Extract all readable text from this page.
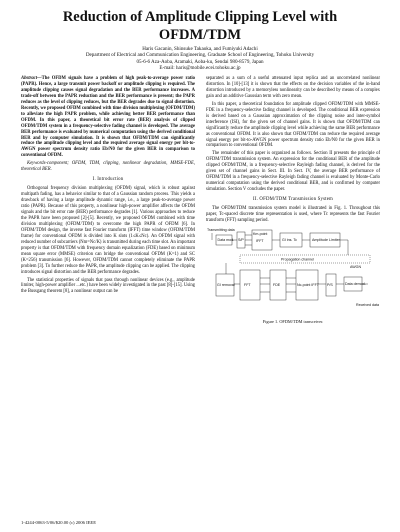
Reduction of Amplitude Clipping Level with OFDM/TDM
Haris Gacanin, Shinsuke Takaoka, and Fumiyuki Adachi
Department of Electrical and Communication Engineering, Graduate School of Engineering, Tohoku University
05-6-6 Aza-Aoba, Aramaki, Aoba-ku, Sendai 980-8579, Japan
E-mail: haris@mobile.ecei.tohoku.ac.jp

Abstract—The OFDM signals have a problem of high peak-to-average power ratio (PAPR). Hence, a large transmit power backoff or amplitude clipping is required. The amplitude clipping causes signal degradation and the BER performance increases. A trade-off between the PAPR reduction and the BER performance is present; the PAPR reduces as the level of clipping reduces, but the BER degrades due to signal distortion. Recently, we proposed OFDM combined with time division multiplexing (OFDM/TDM) to alleviate the high PAPR problem, while achieving better BER performance than OFDM. In this paper, a theoretical bit error rate (BER) analysis of clipped OFDM/TDM system in a frequency-selective fading channel is developed. The average BER performance is evaluated by numerical computation using the derived conditional BER and by computer simulation. It is shown that OFDM/TDM can significantly reduce the amplitude clipping level and the required average signal energy per bit-to-AWGN power spectrum density ratio Eb/N0 for the given BER in comparison to conventional OFDM.

Keywords-component; OFDM, TDM, clipping, nonlinear degradation, MMSE-FDE, theoretical BER.

I. Introduction

Orthogonal frequency division multiplexing (OFDM) signal, which is robust against multipath fading, has a behavior similar to that of a Gaussian random process. This yields a drawback of having a large amplitude dynamic range, i.e., a large peak-to-average power ratio (PAPR). Because of this property, a nonlinear high-power amplifier affects the OFDM signals and the bit error rate (BER) performance degrades [1]. Various approaches to reduce the PAPR have been proposed [2]-[5]. Recently, we proposed OFDM combined with time division multiplexing (OFDM/TDM) to overcome the high PAPR of OFDM [6]. In OFDM/TDM design, the inverse fast Fourier transform (IFFT) time window (OFDM/TDM frame) for conventional OFDM is divided into K slots (1≤K≤Nc). An OFDM signal with reduced number of subcarriers (Nm=Nc/K) is transmitted during each time slot. An important property is that OFDM/TDM with frequency domain equalization (FDE) based on minimum mean square error (MMSE) criterion can bridge the conventional OFDM (K=1) and SC (K=256) transmission [6]. However, OFDM/TDM cannot completely eliminate the PAPR problem [3]. To further reduce the PAPR, the amplitude clipping can be applied. The clipping introduces signal distortion and the BER performance degrades.

The statistical properties of signals that pass through nonlinear devices (e.g., amplitude limiter, high-power amplifier ...etc.) have been widely investigated in the past [8]-[15]. Using the Bussgang theorem [8], a nonlinear output can be

separated as a sum of a useful attenuated input replica and an uncorrelated nonlinear distortion. In [10]-[13] it is shown that the effects on the decision variables of the in-band distortion introduced by a memoryless nonlinearity can be described by means of a complex gain and an additive Gaussian term with zero mean.

In this paper, a theoretical foundation for amplitude clipped OFDM/TDM with MMSE-FDE in a frequency-selective fading channel is developed. The conditional BER expression is derived based on a Gaussian approximation of the clipping noise and inter-symbol interference (ISI), for the given set of channel gains. It is shown that OFDM/TDM can significantly reduce the amplitude clipping level while achieving the same BER performance as conventional OFDM. It is also shown that OFDM/TDM can reduce the required average signal energy per bit-to-AWGN power spectrum density ratio Eb/N0 for the given BER in comparison to conventional OFDM.

The remainder of this paper is organized as follows. Section II presents the principle of OFDM/TDM transmission system. An expression for the conditional BER of the amplitude clipped OFDM/TDM, in a frequency-selective Rayleigh fading channel, is derived for the given set of channel gains in Sect. III. In Sect. IV, the average BER performance of OFDM/TDM in a frequency-selective Rayleigh fading channel is evaluated by Monte-Carlo numerical computation using the derived conditional BER, and is confirmed by computer simulation. Section V concludes the paper.

II. OFDM/TDM Transmission System

The OFDM/TDM transmission system model is illustrated in Fig. 1. Throughout this paper, Tc-spaced discrete time representation is used, where Tc represents the fast Fourier transform (FFT) sampling period.

Transmitting data
Data mod. S/P
Km-point
IFFT	GI ins. Tc	Amplitude Limiter
Propagation channel
AWGN
GI removal	FFT	FDE	Nc-point IFFT P/S	Data demod.
Received data
Figure 1. OFDM/TDM transceiver.
1-4244-0063-5/06/$20.00 (c) 2006 IEEE
